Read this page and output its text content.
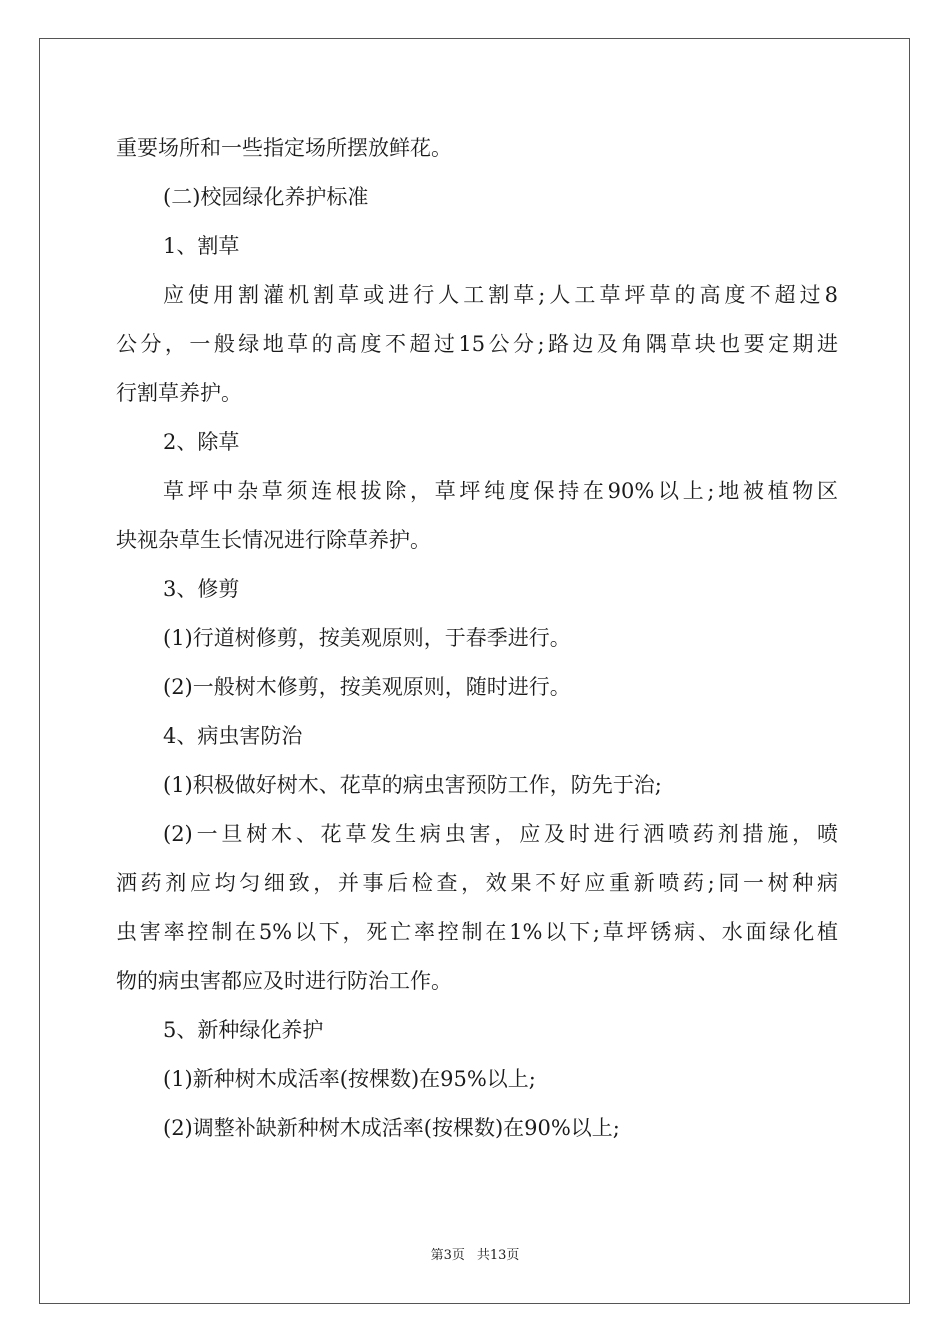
重要场所和一些指定场所摆放鲜花。
(二)校园绿化养护标准
1、割草
应使用割灌机割草或进行人工割草;人工草坪草的高度不超过8
公分，一般绿地草的高度不超过15公分;路边及角隅草块也要定期进
行割草养护。
2、除草
草坪中杂草须连根拔除，草坪纯度保持在90%以上;地被植物区
块视杂草生长情况进行除草养护。
3、修剪
(1)行道树修剪，按美观原则，于春季进行。
(2)一般树木修剪，按美观原则，随时进行。
4、病虫害防治
(1)积极做好树木、花草的病虫害预防工作，防先于治;
(2)一旦树木、花草发生病虫害，应及时进行洒喷药剂措施，喷
洒药剂应均匀细致，并事后检查，效果不好应重新喷药;同一树种病
虫害率控制在5%以下，死亡率控制在1%以下;草坪锈病、水面绿化植
物的病虫害都应及时进行防治工作。
5、新种绿化养护
(1)新种树木成活率(按棵数)在95%以上;
(2)调整补缺新种树木成活率(按棵数)在90%以上;
第3页 共13页
